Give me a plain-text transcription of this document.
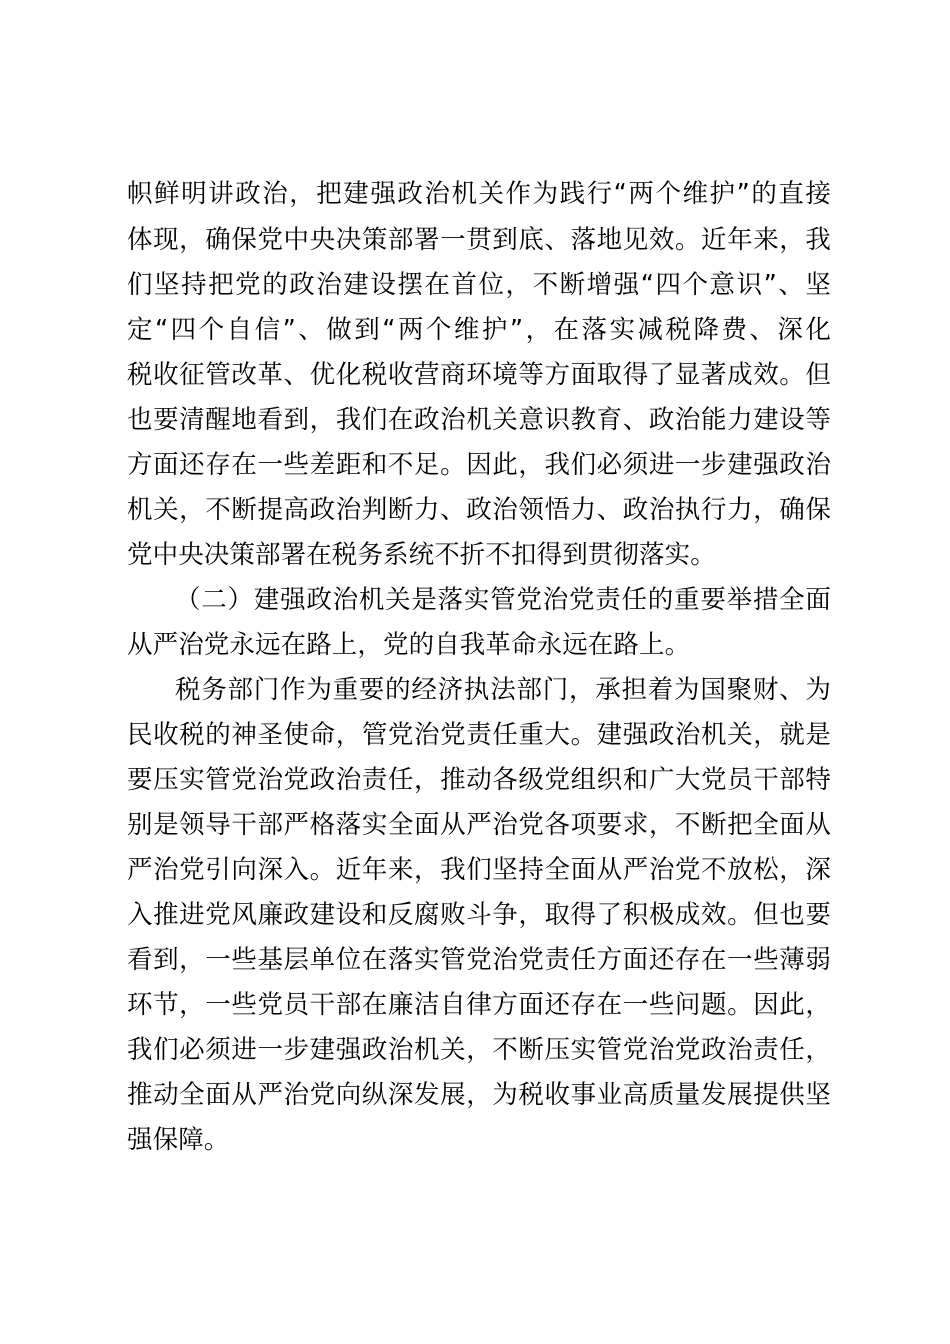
帜鲜明讲政治，把建强政治机关作为践行“两个维护”的直接
体现，确保党中央决策部署一贯到底、落地见效。近年来，我
们坚持把党的政治建设摆在首位，不断增强“四个意识”、坚
定“四个自信”、做到“两个维护”，在落实减税降费、深化
税收征管改革、优化税收营商环境等方面取得了显著成效。但
也要清醒地看到，我们在政治机关意识教育、政治能力建设等
方面还存在一些差距和不足。因此，我们必须进一步建强政治
机关，不断提高政治判断力、政治领悟力、政治执行力，确保
党中央决策部署在税务系统不折不扣得到贯彻落实。
（二）建强政治机关是落实管党治党责任的重要举措全面
从严治党永远在路上，党的自我革命永远在路上。
税务部门作为重要的经济执法部门，承担着为国聚财、为
民收税的神圣使命，管党治党责任重大。建强政治机关，就是
要压实管党治党政治责任，推动各级党组织和广大党员干部特
别是领导干部严格落实全面从严治党各项要求，不断把全面从
严治党引向深入。近年来，我们坚持全面从严治党不放松，深
入推进党风廉政建设和反腐败斗争，取得了积极成效。但也要
看到，一些基层单位在落实管党治党责任方面还存在一些薄弱
环节，一些党员干部在廉洁自律方面还存在一些问题。因此，
我们必须进一步建强政治机关，不断压实管党治党政治责任，
推动全面从严治党向纵深发展，为税收事业高质量发展提供坚
强保障。
